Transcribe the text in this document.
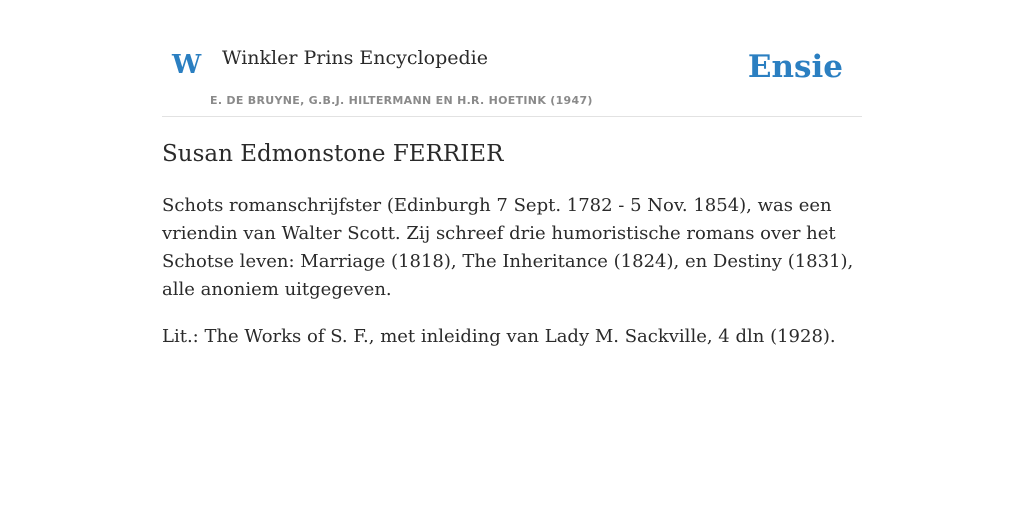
W Winkler Prins Encyclopedie
E. DE BRUYNE, G.B.J. HILTERMANN EN H.R. HOETINK (1947)
Ensie
Susan Edmonstone FERRIER

Schots romanschrijfster (Edinburgh 7 Sept. 1782 - 5 Nov. 1854), was een vriendin van Walter Scott. Zij schreef drie humoristische romans over het Schotse leven: Marriage (1818), The Inheritance (1824), en Destiny (1831), alle anoniem uitgegeven.

Lit.: The Works of S. F., met inleiding van Lady M. Sackville, 4 dln (1928).
